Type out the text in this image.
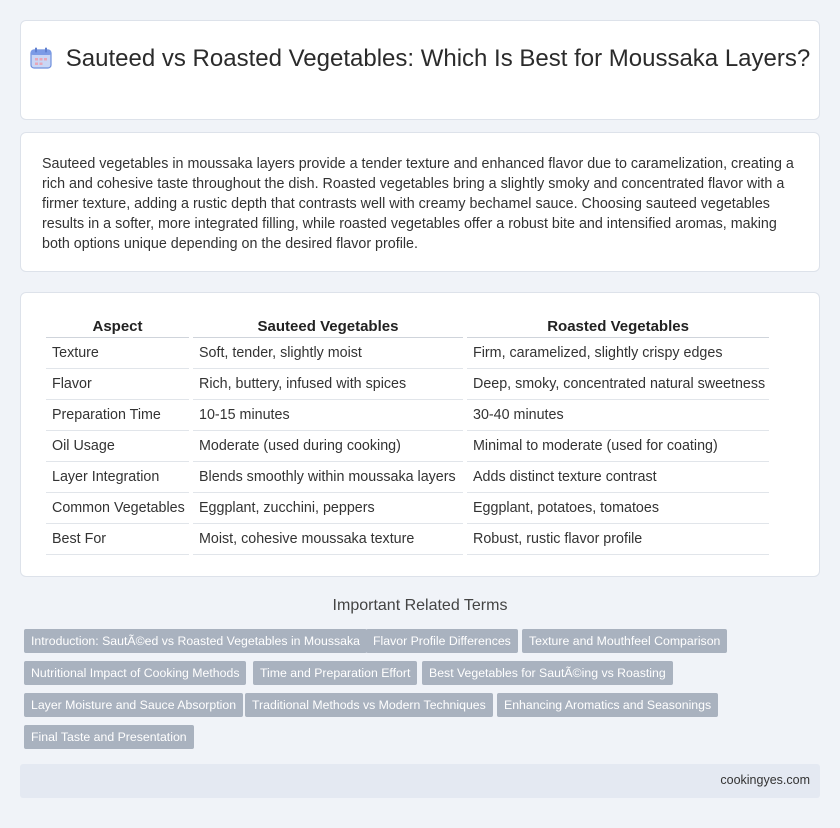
Sauteed vs Roasted Vegetables: Which Is Best for Moussaka Layers?

Sauteed vegetables in moussaka layers provide a tender texture and enhanced flavor due to caramelization, creating a rich and cohesive taste throughout the dish. Roasted vegetables bring a slightly smoky and concentrated flavor with a firmer texture, adding a rustic depth that contrasts well with creamy bechamel sauce. Choosing sauteed vegetables results in a softer, more integrated filling, while roasted vegetables offer a robust bite and intensified aromas, making both options unique depending on the desired flavor profile.

Aspect	Sauteed Vegetables	Roasted Vegetables
Texture	Soft, tender, slightly moist	Firm, caramelized, slightly crispy edges
Flavor	Rich, buttery, infused with spices	Deep, smoky, concentrated natural sweetness
Preparation Time	10-15 minutes	30-40 minutes
Oil Usage	Moderate (used during cooking)	Minimal to moderate (used for coating)
Layer Integration	Blends smoothly within moussaka layers	Adds distinct texture contrast
Common Vegetables	Eggplant, zucchini, peppers	Eggplant, potatoes, tomatoes
Best For	Moist, cohesive moussaka texture	Robust, rustic flavor profile
Important Related Terms
Introduction: SautÃ©ed vs Roasted Vegetables in Moussaka	Flavor Profile Differences	Texture and Mouthfeel Comparison
Nutritional Impact of Cooking Methods	Time and Preparation Effort	Best Vegetables for SautÃ©ing vs Roasting
Layer Moisture and Sauce Absorption	Traditional Methods vs Modern Techniques	Enhancing Aromatics and Seasonings
Final Taste and Presentation
cookingyes.com
